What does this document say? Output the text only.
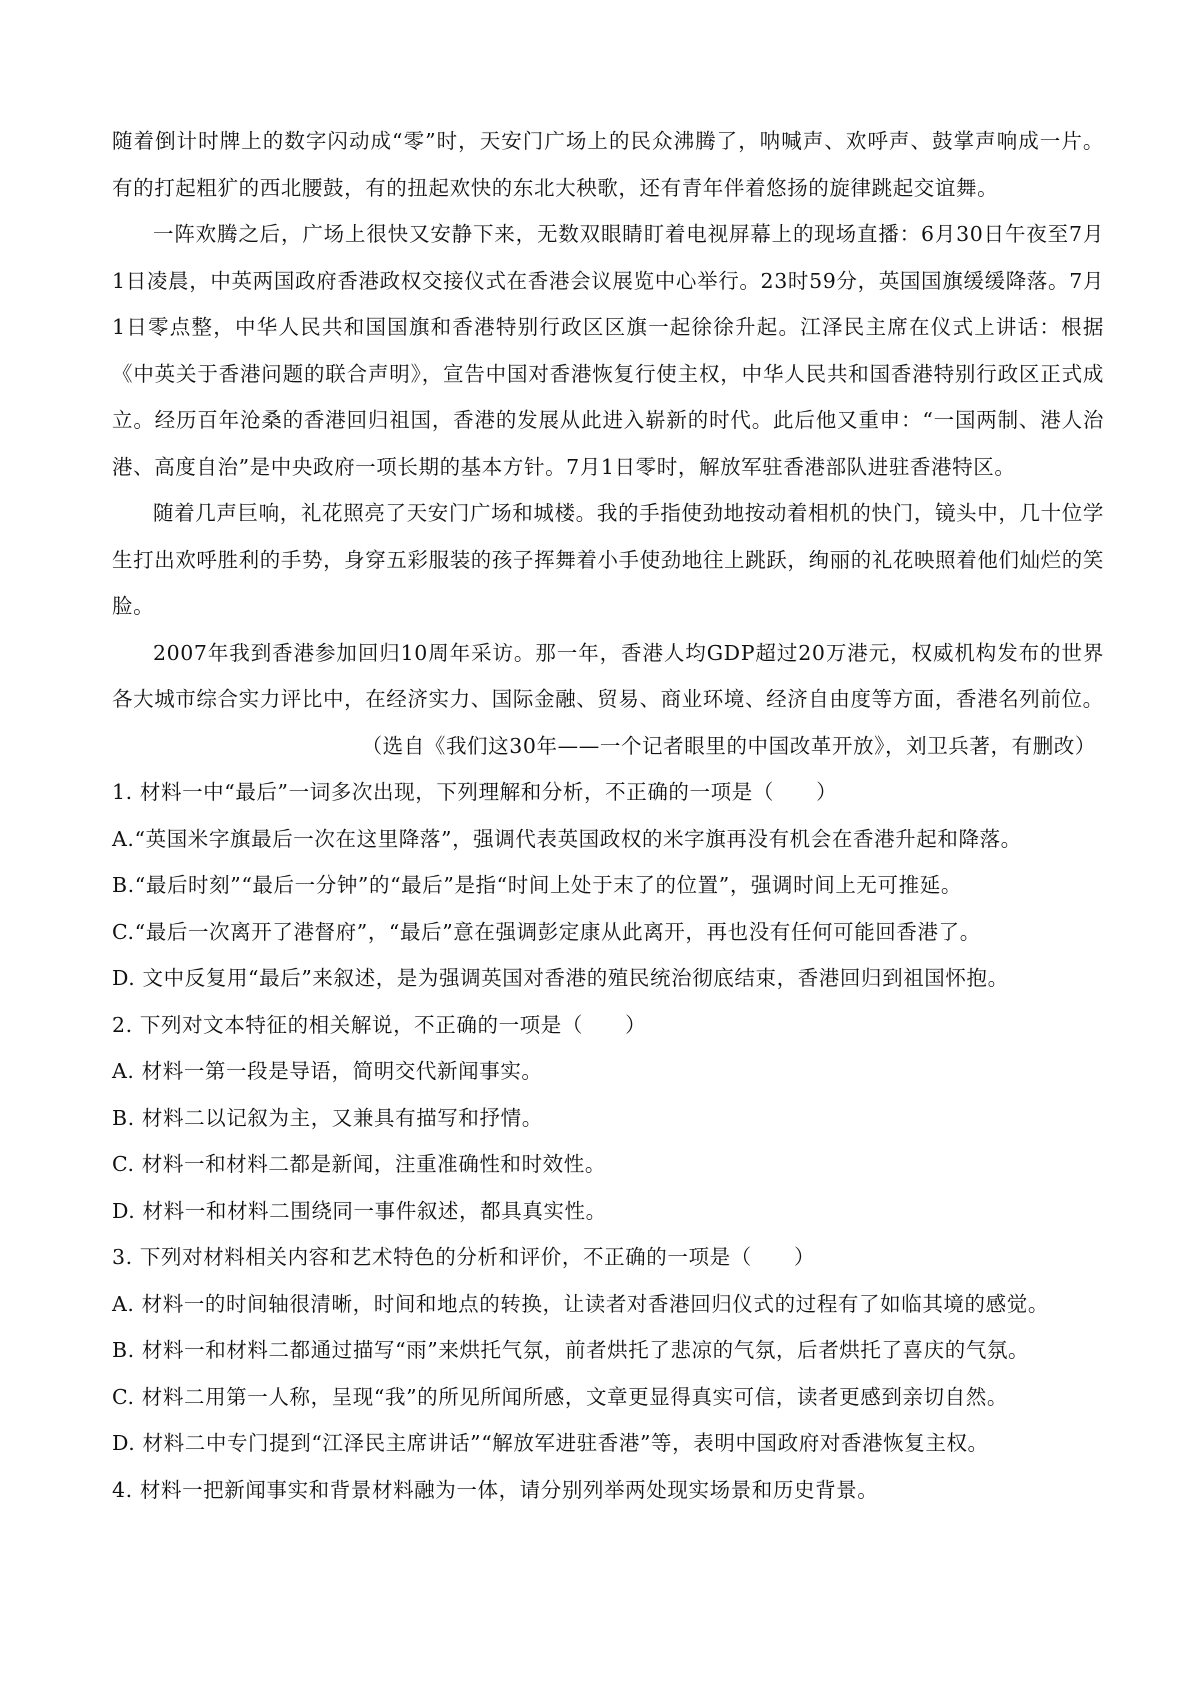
随着倒计时牌上的数字闪动成“零”时，天安门广场上的民众沸腾了，呐喊声、欢呼声、鼓掌声响成一片。有的打起粗犷的西北腰鼓，有的扭起欢快的东北大秧歌，还有青年伴着悠扬的旋律跳起交谊舞。

一阵欢腾之后，广场上很快又安静下来，无数双眼睛盯着电视屏幕上的现场直播：6月30日午夜至7月1日凌晨，中英两国政府香港政权交接仪式在香港会议展览中心举行。23时59分，英国国旗缓缓降落。7月1日零点整，中华人民共和国国旗和香港特别行政区区旗一起徐徐升起。江泽民主席在仪式上讲话：根据《中英关于香港问题的联合声明》，宣告中国对香港恢复行使主权，中华人民共和国香港特别行政区正式成立。经历百年沧桑的香港回归祖国，香港的发展从此进入崭新的时代。此后他又重申：“一国两制、港人治港、高度自治”是中央政府一项长期的基本方针。7月1日零时，解放军驻香港部队进驻香港特区。

随着几声巨响，礼花照亮了天安门广场和城楼。我的手指使劲地按动着相机的快门，镜头中，几十位学生打出欢呼胜利的手势，身穿五彩服装的孩子挥舞着小手使劲地往上跳跃，绚丽的礼花映照着他们灿烂的笑脸。

2007年我到香港参加回归10周年采访。那一年，香港人均GDP超过20万港元，权威机构发布的世界各大城市综合实力评比中，在经济实力、国际金融、贸易、商业环境、经济自由度等方面，香港名列前位。

（选自《我们这30年——一个记者眼里的中国改革开放》，刘卫兵著，有删改）

1. 材料一中“最后”一词多次出现，下列理解和分析，不正确的一项是（　　）

A.“英国米字旗最后一次在这里降落”，强调代表英国政权的米字旗再没有机会在香港升起和降落。

B.“最后时刻”“最后一分钟”的“最后”是指“时间上处于末了的位置”，强调时间上无可推延。

C.“最后一次离开了港督府”，“最后”意在强调彭定康从此离开，再也没有任何可能回香港了。

D. 文中反复用“最后”来叙述，是为强调英国对香港的殖民统治彻底结束，香港回归到祖国怀抱。

2. 下列对文本特征的相关解说，不正确的一项是（　　）

A. 材料一第一段是导语，简明交代新闻事实。

B. 材料二以记叙为主，又兼具有描写和抒情。

C. 材料一和材料二都是新闻，注重准确性和时效性。

D. 材料一和材料二围绕同一事件叙述，都具真实性。

3. 下列对材料相关内容和艺术特色的分析和评价，不正确的一项是（　　）

A. 材料一的时间轴很清晰，时间和地点的转换，让读者对香港回归仪式的过程有了如临其境的感觉。

B. 材料一和材料二都通过描写“雨”来烘托气氛，前者烘托了悲凉的气氛，后者烘托了喜庆的气氛。

C. 材料二用第一人称，呈现“我”的所见所闻所感，文章更显得真实可信，读者更感到亲切自然。

D. 材料二中专门提到“江泽民主席讲话”“解放军进驻香港”等，表明中国政府对香港恢复主权。

4. 材料一把新闻事实和背景材料融为一体，请分别列举两处现实场景和历史背景。
